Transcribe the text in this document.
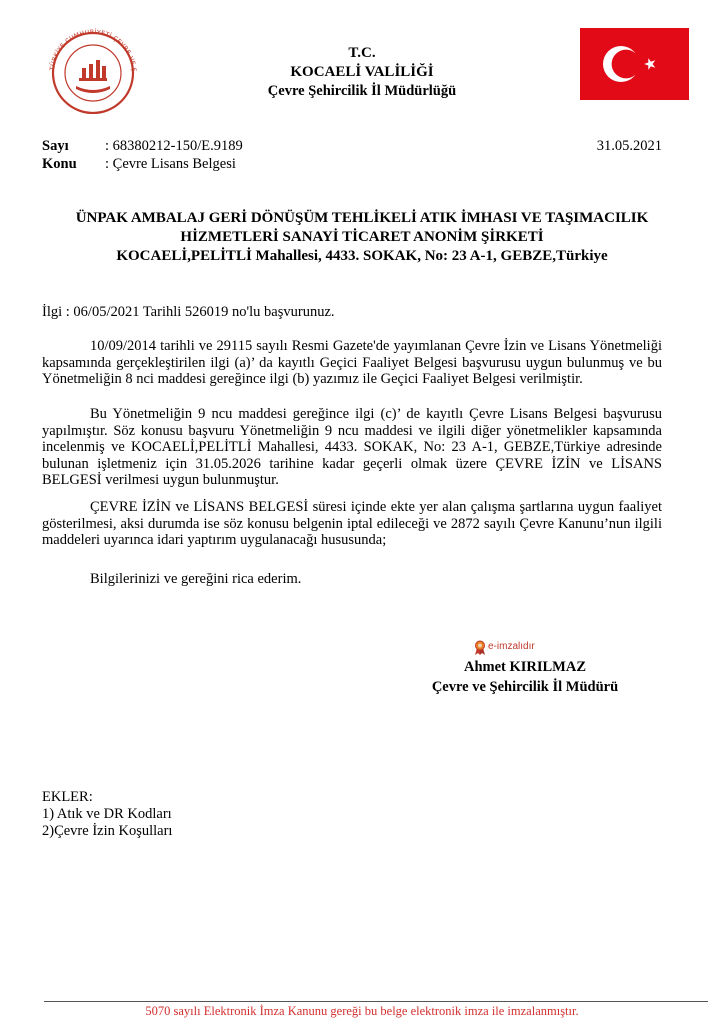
TÜRKİYE CUMHURİYETİ ÇEVRE VE Ş
T.C.
KOCAELİ VALİLİĞİ
Çevre Şehircilik İl Müdürlüğü
Sayı	: 68380212-150/E.9189
Konu : Çevre Lisans Belgesi
31.05.2021
ÜNPAK AMBALAJ GERİ DÖNÜŞÜM TEHLİKELİ ATIK İMHASI VE TAŞIMACILIK
HİZMETLERİ SANAYİ TİCARET ANONİM ŞİRKETİ
KOCAELİ,PELİTLİ Mahallesi, 4433. SOKAK, No: 23 A-1, GEBZE,Türkiye
İlgi : 06/05/2021 Tarihli 526019 no'lu başvurunuz.
10/09/2014 tarihli ve 29115 sayılı Resmi Gazete'de yayımlanan Çevre İzin ve Lisans Yönetmeliği kapsamında gerçekleştirilen ilgi (a)’ da kayıtlı Geçici Faaliyet Belgesi başvurusu uygun bulunmuş ve bu Yönetmeliğin 8 nci maddesi gereğince ilgi (b) yazımız ile Geçici Faaliyet Belgesi verilmiştir.
Bu Yönetmeliğin 9 ncu maddesi gereğince ilgi (c)’ de kayıtlı Çevre Lisans Belgesi başvurusu yapılmıştır. Söz konusu başvuru Yönetmeliğin 9 ncu maddesi ve ilgili diğer yönetmelikler kapsamında incelenmiş ve KOCAELİ,PELİTLİ Mahallesi, 4433. SOKAK, No: 23 A-1, GEBZE,Türkiye adresinde bulunan işletmeniz için 31.05.2026 tarihine kadar geçerli olmak üzere ÇEVRE İZİN ve LİSANS BELGESİ verilmesi uygun bulunmuştur.
ÇEVRE İZİN ve LİSANS BELGESİ süresi içinde ekte yer alan çalışma şartlarına uygun faaliyet gösterilmesi, aksi durumda ise söz konusu belgenin iptal edileceği ve 2872 sayılı Çevre Kanunu’nun ilgili maddeleri uyarınca idari yaptırım uygulanacağı hususunda;
Bilgilerinizi ve gereğini rica ederim.
e-imzalıdır
Ahmet KIRILMAZ
Çevre ve Şehircilik İl Müdürü
EKLER:
1) Atık ve DR Kodları
2)Çevre İzin Koşulları
5070 sayılı Elektronik İmza Kanunu gereği bu belge elektronik imza ile imzalanmıştır.
